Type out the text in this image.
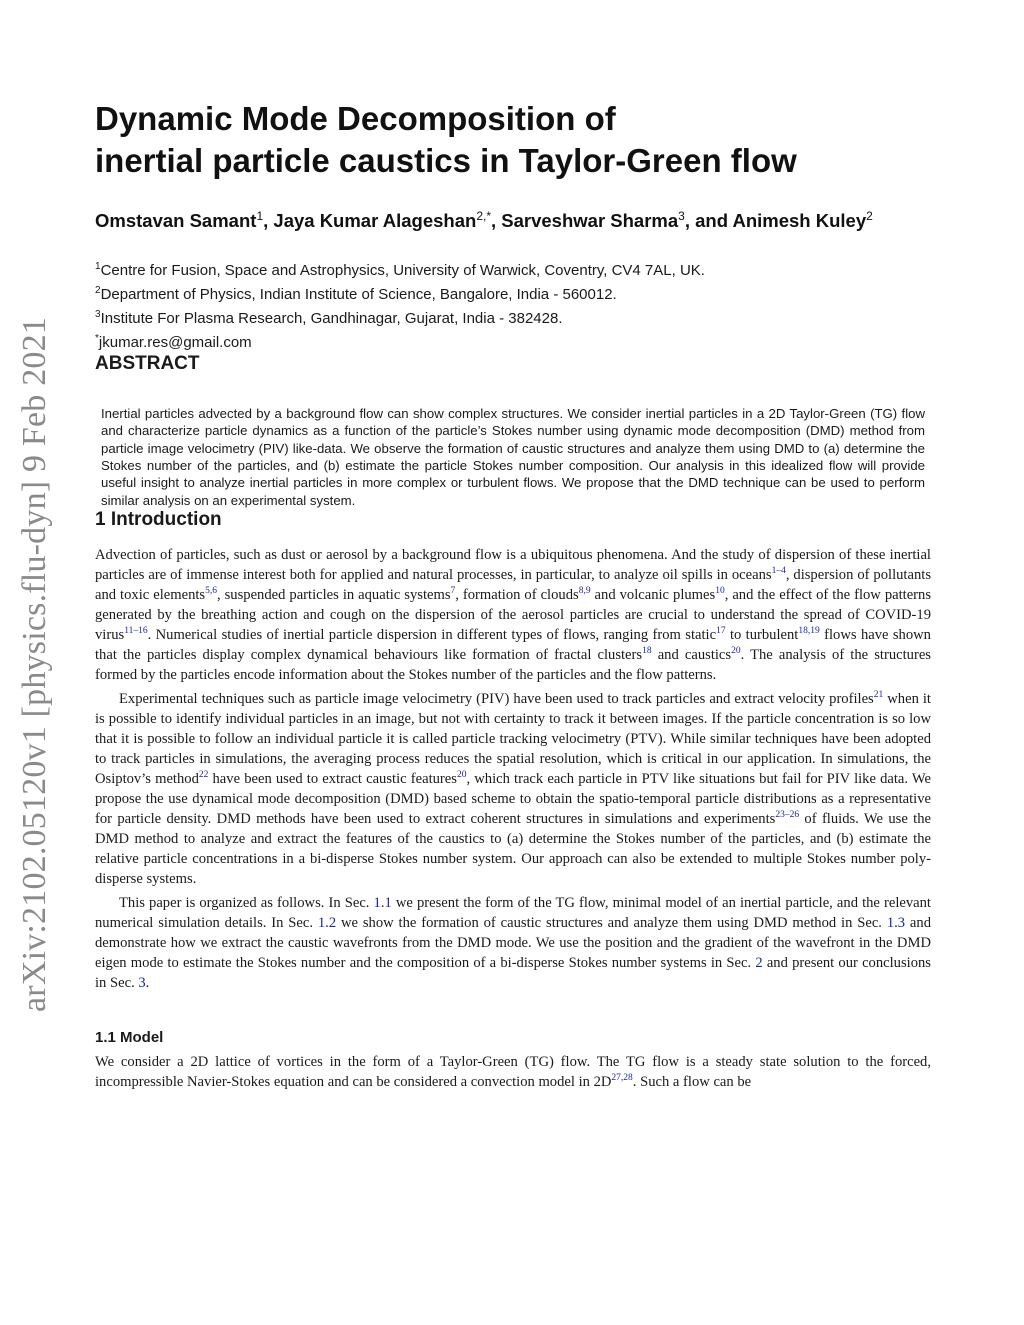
arXiv:2102.05120v1 [physics.flu-dyn] 9 Feb 2021
Dynamic Mode Decomposition of
inertial particle caustics in Taylor-Green flow
Omstavan Samant$^1$, Jaya Kumar Alageshan$^{2,*}$, Sarveshwar Sharma$^3$, and Animesh Kuley$^2$
$^1$Centre for Fusion, Space and Astrophysics, University of Warwick, Coventry, CV4 7AL, UK.
$^2$Department of Physics, Indian Institute of Science, Bangalore, India - 560012.
$^3$Institute For Plasma Research, Gandhinagar, Gujarat, India - 382428.
*jkumar.res@gmail.com
ABSTRACT

Inertial particles advected by a background flow can show complex structures. We consider inertial particles in a 2D Taylor-Green (TG) flow and characterize particle dynamics as a function of the particle’s Stokes number using dynamic mode decomposition (DMD) method from particle image velocimetry (PIV) like-data. We observe the formation of caustic structures and analyze them using DMD to (a) determine the Stokes number of the particles, and (b) estimate the particle Stokes number composition. Our analysis in this idealized flow will provide useful insight to analyze inertial particles in more complex or turbulent flows. We propose that the DMD technique can be used to perform similar analysis on an experimental system.

1 Introduction

Advection of particles, such as dust or aerosol by a background flow is a ubiquitous phenomena. And the study of dispersion of these inertial particles are of immense interest both for applied and natural processes, in particular, to analyze oil spills in oceans$^{1-4}$, dispersion of pollutants and toxic elements$^{5,6}$, suspended particles in aquatic systems$^7$, formation of clouds$^{8,9}$ and volcanic plumes$^{10}$, and the effect of the flow patterns generated by the breathing action and cough on the dispersion of the aerosol particles are crucial to understand the spread of COVID-19 virus$^{11-16}$. Numerical studies of inertial particle dispersion in different types of flows, ranging from static$^{17}$ to turbulent$^{18,19}$ flows have shown that the particles display complex dynamical behaviours like formation of fractal clusters$^{18}$ and caustics$^{20}$. The analysis of the structures formed by the particles encode information about the Stokes number of the particles and the flow patterns.

Experimental techniques such as particle image velocimetry (PIV) have been used to track particles and extract velocity profiles$^{21}$ when it is possible to identify individual particles in an image, but not with certainty to track it between images. If the particle concentration is so low that it is possible to follow an individual particle it is called particle tracking velocimetry (PTV). While similar techniques have been adopted to track particles in simulations, the averaging process reduces the spatial resolution, which is critical in our application. In simulations, the Osiptov’s method$^{22}$ have been used to extract caustic features$^{20}$, which track each particle in PTV like situations but fail for PIV like data. We propose the use dynamical mode decomposition (DMD) based scheme to obtain the spatio-temporal particle distributions as a representative for particle density. DMD methods have been used to extract coherent structures in simulations and experiments$^{23-26}$ of fluids. We use the DMD method to analyze and extract the features of the caustics to (a) determine the Stokes number of the particles, and (b) estimate the relative particle concentrations in a bi-disperse Stokes number system. Our approach can also be extended to multiple Stokes number poly-disperse systems.

This paper is organized as follows. In Sec. 1.1 we present the form of the TG flow, minimal model of an inertial particle, and the relevant numerical simulation details. In Sec. 1.2 we show the formation of caustic structures and analyze them using DMD method in Sec. 1.3 and demonstrate how we extract the caustic wavefronts from the DMD mode. We use the position and the gradient of the wavefront in the DMD eigen mode to estimate the Stokes number and the composition of a bi-disperse Stokes number systems in Sec. 2 and present our conclusions in Sec. 3.

1.1 Model

We consider a 2D lattice of vortices in the form of a Taylor-Green (TG) flow. The TG flow is a steady state solution to the forced, incompressible Navier-Stokes equation and can be considered a convection model in 2D$^{27,28}$. Such a flow can be
